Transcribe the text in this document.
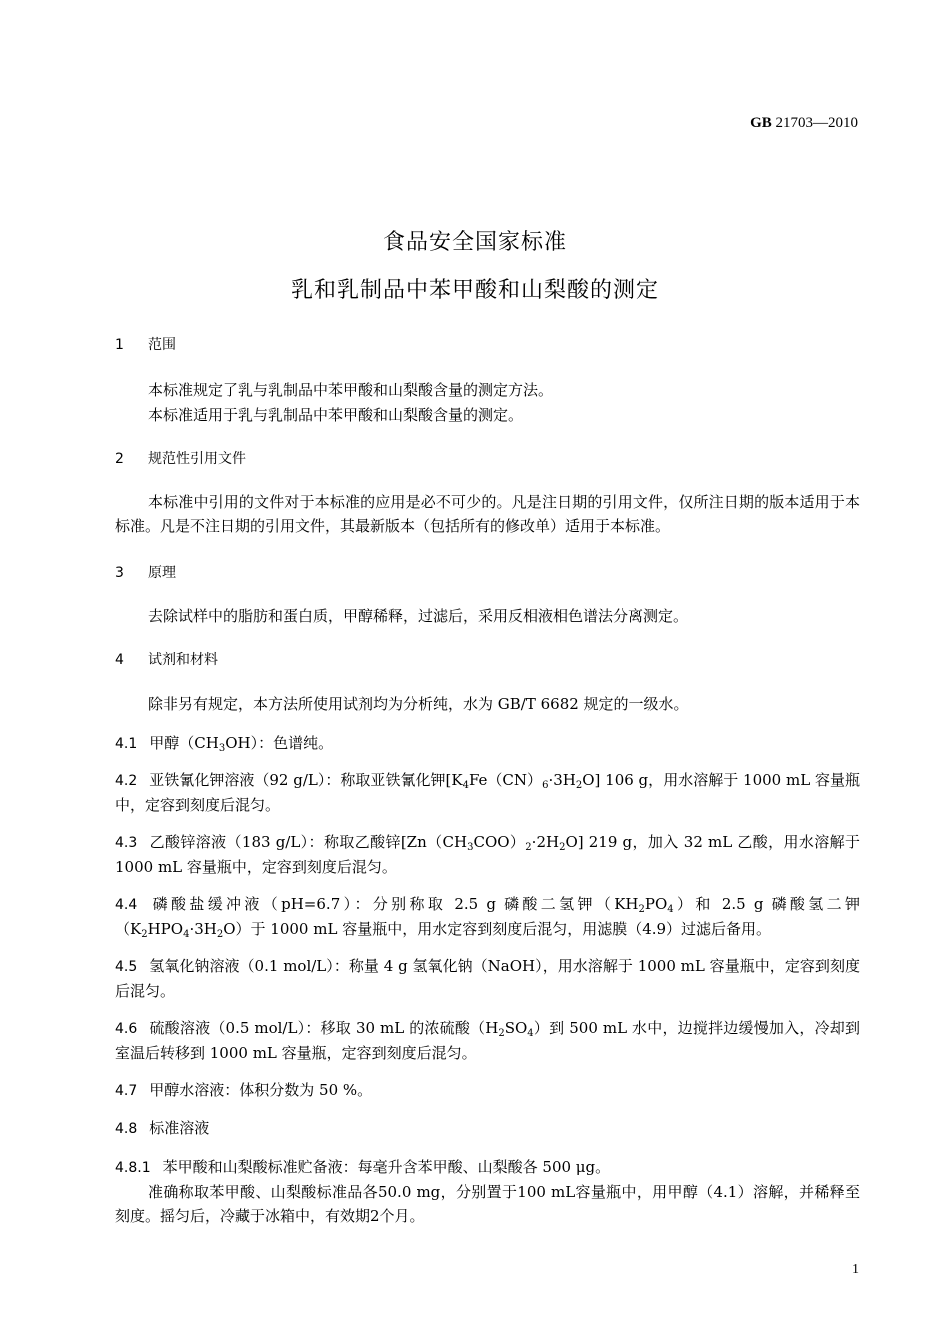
GB 21703—2010
食品安全国家标准
乳和乳制品中苯甲酸和山梨酸的测定
1 范围
本标准规定了乳与乳制品中苯甲酸和山梨酸含量的测定方法。
本标准适用于乳与乳制品中苯甲酸和山梨酸含量的测定。
2 规范性引用文件
本标准中引用的文件对于本标准的应用是必不可少的。凡是注日期的引用文件，仅所注日期的版本适用于本标准。凡是不注日期的引用文件，其最新版本（包括所有的修改单）适用于本标准。
3 原理
去除试样中的脂肪和蛋白质，甲醇稀释，过滤后，采用反相液相色谱法分离测定。
4 试剂和材料
除非另有规定，本方法所使用试剂均为分析纯，水为 GB/T 6682 规定的一级水。
4.1 甲醇$(CH_3OH)$：色谱纯。
4.2 亚铁氰化钾溶液（92 g/L）：称取亚铁氰化钾$[K_4Fe(CN)_6\cdot 3H_2O]$ 106 g，用水溶解于 1000 mL 容量瓶中，定容到刻度后混匀。
4.3 乙酸锌溶液（183 g/L）：称取乙酸锌$[Zn(CH_3COO)_2\cdot 2H_2O]$ 219 g，加入 32 mL 乙酸，用水溶解于 1000 mL 容量瓶中，定容到刻度后混匀。
4.4 磷酸盐缓冲液（pH=6.7）：分别称取 2.5 g 磷酸二氢钾$(KH_2PO_4)$和 2.5 g 磷酸氢二钾$(K_2HPO_4\cdot 3H_2O)$于 1000 mL 容量瓶中，用水定容到刻度后混匀，用滤膜（4.9）过滤后备用。
4.5 氢氧化钠溶液（0.1 mol/L）：称量 4 g 氢氧化钠（NaOH），用水溶解于 1000 mL 容量瓶中，定容到刻度后混匀。
4.6 硫酸溶液（0.5 mol/L）：移取 30 mL 的浓硫酸$(H_2SO_4)$到 500 mL 水中，边搅拌边缓慢加入，冷却到室温后转移到 1000 mL 容量瓶，定容到刻度后混匀。
4.7 甲醇水溶液：体积分数为 50 %。
4.8 标准溶液
4.8.1 苯甲酸和山梨酸标准贮备液：每毫升含苯甲酸、山梨酸各 500 μg。
准确称取苯甲酸、山梨酸标准品各50.0 mg，分别置于100 mL容量瓶中，用甲醇（4.1）溶解，并稀释至刻度。摇匀后，冷藏于冰箱中，有效期2个月。
1
